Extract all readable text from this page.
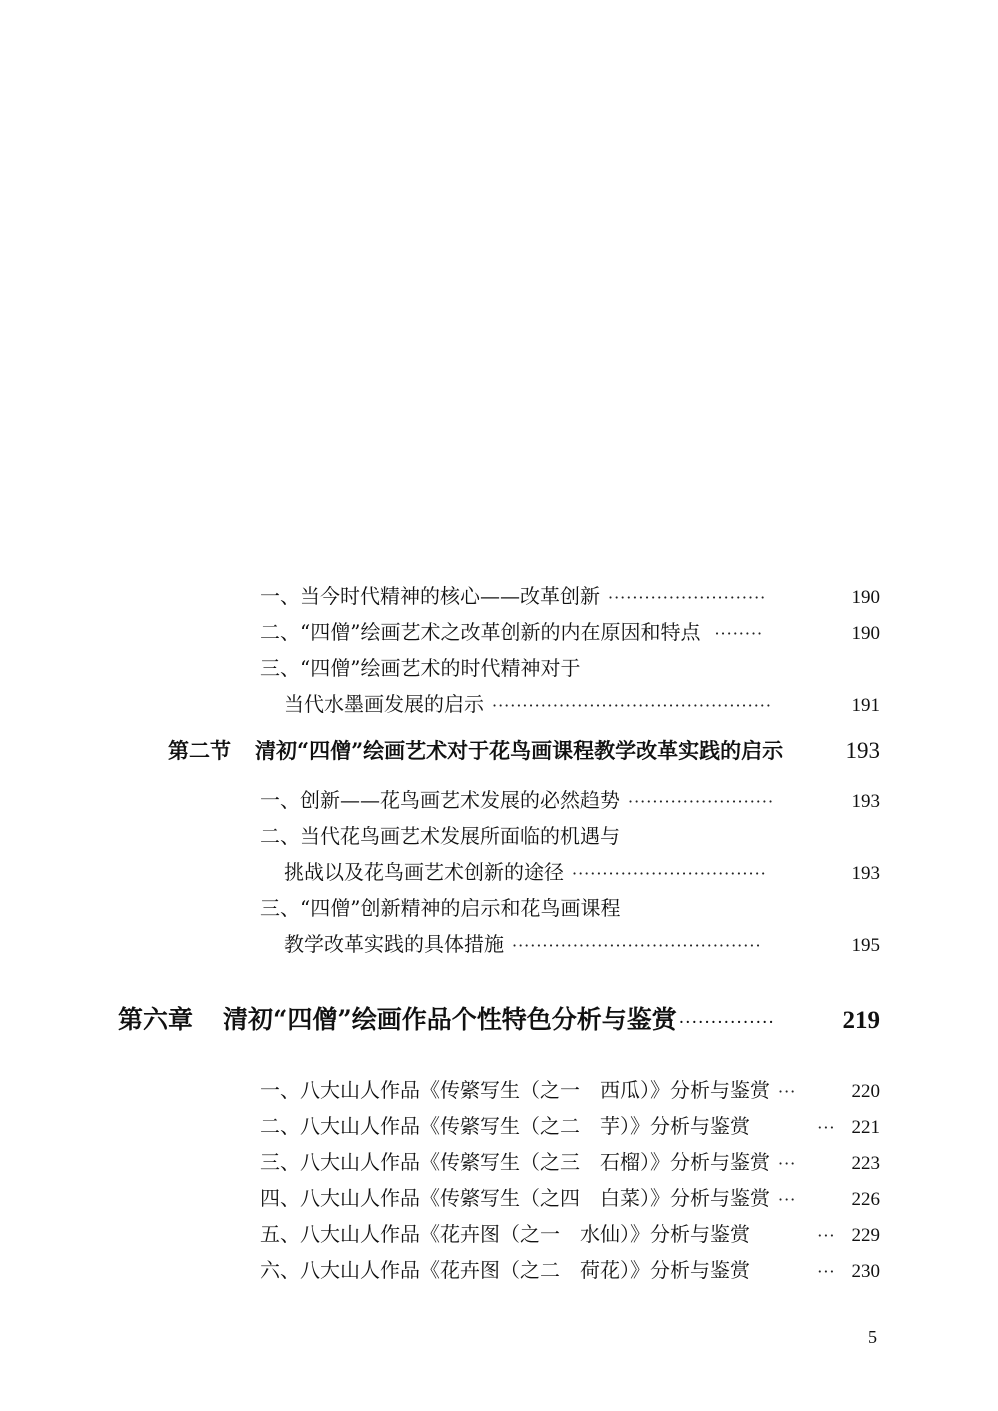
一、当今时代精神的核心——改革创新 ··························	190
二、“四僧”绘画艺术之改革创新的内在原因和特点 ········	190
三、“四僧”绘画艺术的时代精神对于
当代水墨画发展的启示 ··············································	191
第二节 清初“四僧”绘画艺术对于花鸟画课程教学改革实践的启示	193
一、创新——花鸟画艺术发展的必然趋势 ························	193
二、当代花鸟画艺术发展所面临的机遇与
挑战以及花鸟画艺术创新的途径 ································	193
三、“四僧”创新精神的启示和花鸟画课程
教学改革实践的具体措施 ·········································	195
第六章 清初“四僧”绘画作品个性特色分析与鉴赏 ···············	219
一、八大山人作品《传綮写生（之一　西瓜）》分析与鉴赏 ···	220
二、八大山人作品《传綮写生（之二　芋）》分析与鉴赏	··· 221
三、八大山人作品《传綮写生（之三　石榴）》分析与鉴赏 ···	223
四、八大山人作品《传綮写生（之四　白菜）》分析与鉴赏 ···	226
五、八大山人作品《花卉图（之一　水仙）》分析与鉴赏	··· 229
六、八大山人作品《花卉图（之二　荷花）》分析与鉴赏	··· 230
5
